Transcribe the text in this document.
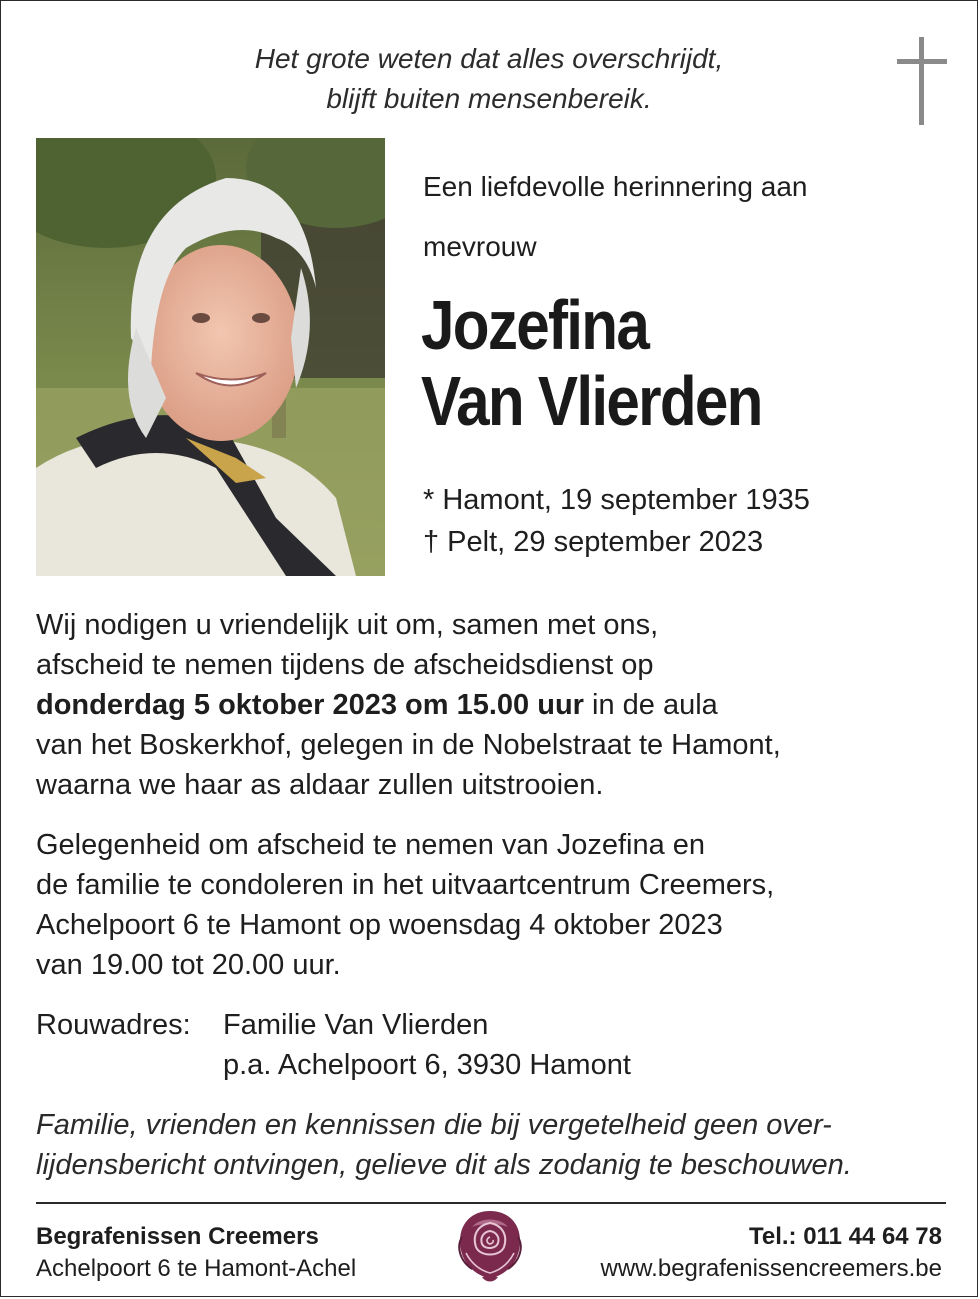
Het grote weten dat alles overschrijdt,
blijft buiten mensenbereik.
Een liefdevolle herinnering aan
mevrouw
Jozefina
Van Vlierden
* Hamont, 19 september 1935
† Pelt, 29 september 2023
Wij nodigen u vriendelijk uit om, samen met ons,
afscheid te nemen tijdens de afscheidsdienst op
donderdag 5 oktober 2023 om 15.00 uur in de aula
van het Boskerkhof, gelegen in de Nobelstraat te Hamont,
waarna we haar as aldaar zullen uitstrooien.
Gelegenheid om afscheid te nemen van Jozefina en
de familie te condoleren in het uitvaartcentrum Creemers,
Achelpoort 6 te Hamont op woensdag 4 oktober 2023
van 19.00 tot 20.00 uur.
Rouwadres: Familie Van Vlierden
p.a. Achelpoort 6, 3930 Hamont
Familie, vrienden en kennissen die bij vergetelheid geen over-
lijdensbericht ontvingen, gelieve dit als zodanig te beschouwen.
Begrafenissen Creemers
Achelpoort 6 te Hamont-Achel
Tel.: 011 44 64 78
www.begrafenissencreemers.be
